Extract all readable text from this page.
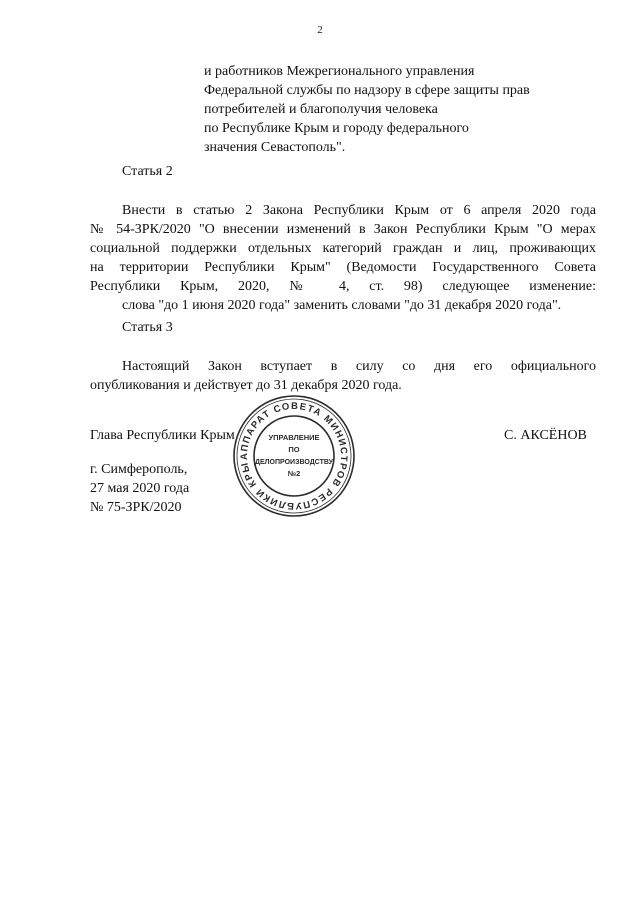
2
и работников Межрегионального управления
Федеральной службы по надзору в сфере защиты прав
потребителей и благополучия человека
по Республике Крым и городу федерального
значения Севастополь".
Статья 2
Внести в статью 2 Закона Республики Крым от 6 апреля 2020 года
№ 54-ЗРК/2020 "О внесении изменений в Закон Республики Крым "О мерах
социальной поддержки отдельных категорий граждан и лиц, проживающих
на территории Республики Крым" (Ведомости Государственного Совета
Республики Крым, 2020, № 4, ст. 98) следующее изменение:
слова "до 1 июня 2020 года" заменить словами "до 31 декабря 2020 года".
Статья 3
Настоящий Закон вступает в силу со дня его официального
опубликования и действует до 31 декабря 2020 года.
Глава Республики Крым	С. АКСЁНОВ
г. Симферополь,
27 мая 2020 года
№ 75-ЗРК/2020
АППАРАТ СОВЕТА МИНИСТРОВ РЕСПУБЛИКИ КРЫМ
УПРАВЛЕНИЕ
ПО
ДЕЛОПРОИЗВОДСТВУ
№2
